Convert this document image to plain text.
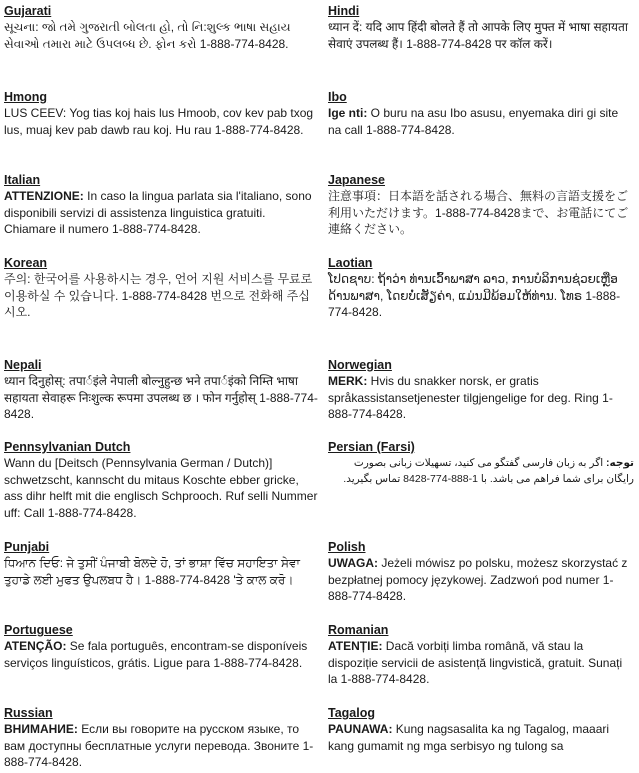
Gujarati
સૂચના: જો તમે ગુજરાતી બોલતા હો, તો નિ:શુલ્ક ભાષા સહાય સેવાઓ તમારા માટે ઉપલબ્ધ છે. ફોન કરો 1-888-774-8428.
Hmong
LUS CEEV: Yog tias koj hais lus Hmoob, cov kev pab txog lus, muaj kev pab dawb rau koj. Hu rau 1-888-774-8428.
Italian
ATTENZIONE: In caso la lingua parlata sia l'italiano, sono disponibili servizi di assistenza linguistica gratuiti. Chiamare il numero 1-888-774-8428.
Korean
주의: 한국어를 사용하시는 경우, 언어 지원 서비스를 무료로 이용하실 수 있습니다. 1-888-774-8428 번으로 전화해 주십시오.
Nepali
ध्यान दिनुहोस्: तपार्इंले नेपाली बोल्नुहुन्छ भने तपार्इंको निम्ति भाषा सहायता सेवाहरू निःशुल्क रूपमा उपलब्ध छ । फोन गर्नुहोस् 1-888-774-8428.
Pennsylvanian Dutch
Wann du [Deitsch (Pennsylvania German / Dutch)] schwetzscht, kannscht du mitaus Koschte ebber gricke, ass dihr helft mit die englisch Schprooch. Ruf selli Nummer uff: Call 1-888-774-8428.
Punjabi
ਧਿਆਨ ਦਿਓ: ਜੇ ਤੁਸੀਂ ਪੰਜਾਬੀ ਬੋਲਦੇ ਹੋ, ਤਾਂ ਭਾਸ਼ਾ ਵਿੱਚ ਸਹਾਇਤਾ ਸੇਵਾ ਤੁਹਾਡੇ ਲਈ ਮੁਫਤ ਉਪਲਬਧ ਹੈ। 1-888-774-8428 'ਤੇ ਕਾਲ ਕਰੋ।
Portuguese
ATENÇÃO: Se fala português, encontram-se disponíveis serviços linguísticos, grátis. Ligue para 1-888-774-8428.
Russian
ВНИМАНИЕ: Если вы говорите на русском языке, то вам доступны бесплатные услуги перевода. Звоните 1-888-774-8428.
Hindi
ध्यान दें: यदि आप हिंदी बोलते हैं तो आपके लिए मुफ्त में भाषा सहायता सेवाएं उपलब्ध हैं। 1-888-774-8428 पर कॉल करें।
Ibo
Ige nti: O buru na asu Ibo asusu, enyemaka diri gi site na call 1-888-774-8428.
Japanese
注意事項：日本語を話される場合、無料の言語支援をご利用いただけます。1-888-774-8428まで、お電話にてご連絡ください。
Laotian
ໂປດຊາບ: ຖ້າວ່າ ທ່ານເວົ້າພາສາ ລາວ, ການບໍລິການຊ່ວຍເຫຼືອດ້ານພາສາ, ໂດຍບໍ່ເສັຽຄ່າ, ແມ່ນມີພ້ອມໃຫ້ທ່ານ. ໂທຣ 1-888-774-8428.
Norwegian
MERK: Hvis du snakker norsk, er gratis språkassistansetjenester tilgjengelige for deg. Ring 1-888-774-8428.
Persian (Farsi)
توجه: اگر به زبان فارسی گفتگو می کنید، تسهیلات زبانی بصورت رایگان برای شما فراهم می باشد. با 1-888-774-8428 تماس بگیرید.
Polish
UWAGA: Jeżeli mówisz po polsku, możesz skorzystać z bezpłatnej pomocy językowej. Zadzwoń pod numer 1-888-774-8428.
Romanian
ATENȚIE: Dacă vorbiți limba română, vă stau la dispoziție servicii de asistență lingvistică, gratuit. Sunați la 1-888-774-8428.
Tagalog
PAUNAWA: Kung nagsasalita ka ng Tagalog, maaari kang gumamit ng mga serbisyo ng tulong sa
